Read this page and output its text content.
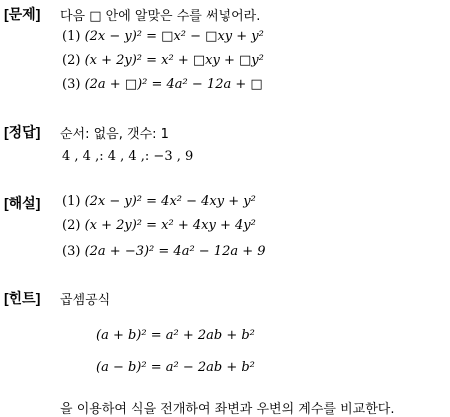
[문제] 다음 □ 안에 알맞은 수를 써넣어라.
(1) (2x − y)² = □x² − □xy + y²
(2) (x + 2y)² = x² + □xy + □y²
(3) (2a + □)² = 4a² − 12a + □
[정답] 순서: 없음, 갯수: 1
4 , 4 ,: 4 , 4 ,: −3 , 9
[해설] (1) (2x − y)² = 4x² − 4xy + y²
(2) (x + 2y)² = x² + 4xy + 4y²
(3) (2a + −3)² = 4a² − 12a + 9
[힌트] 곱셈공식
(a + b)² = a² + 2ab + b²
(a − b)² = a² − 2ab + b²
을 이용하여 식을 전개하여 좌변과 우변의 계수를 비교한다.
